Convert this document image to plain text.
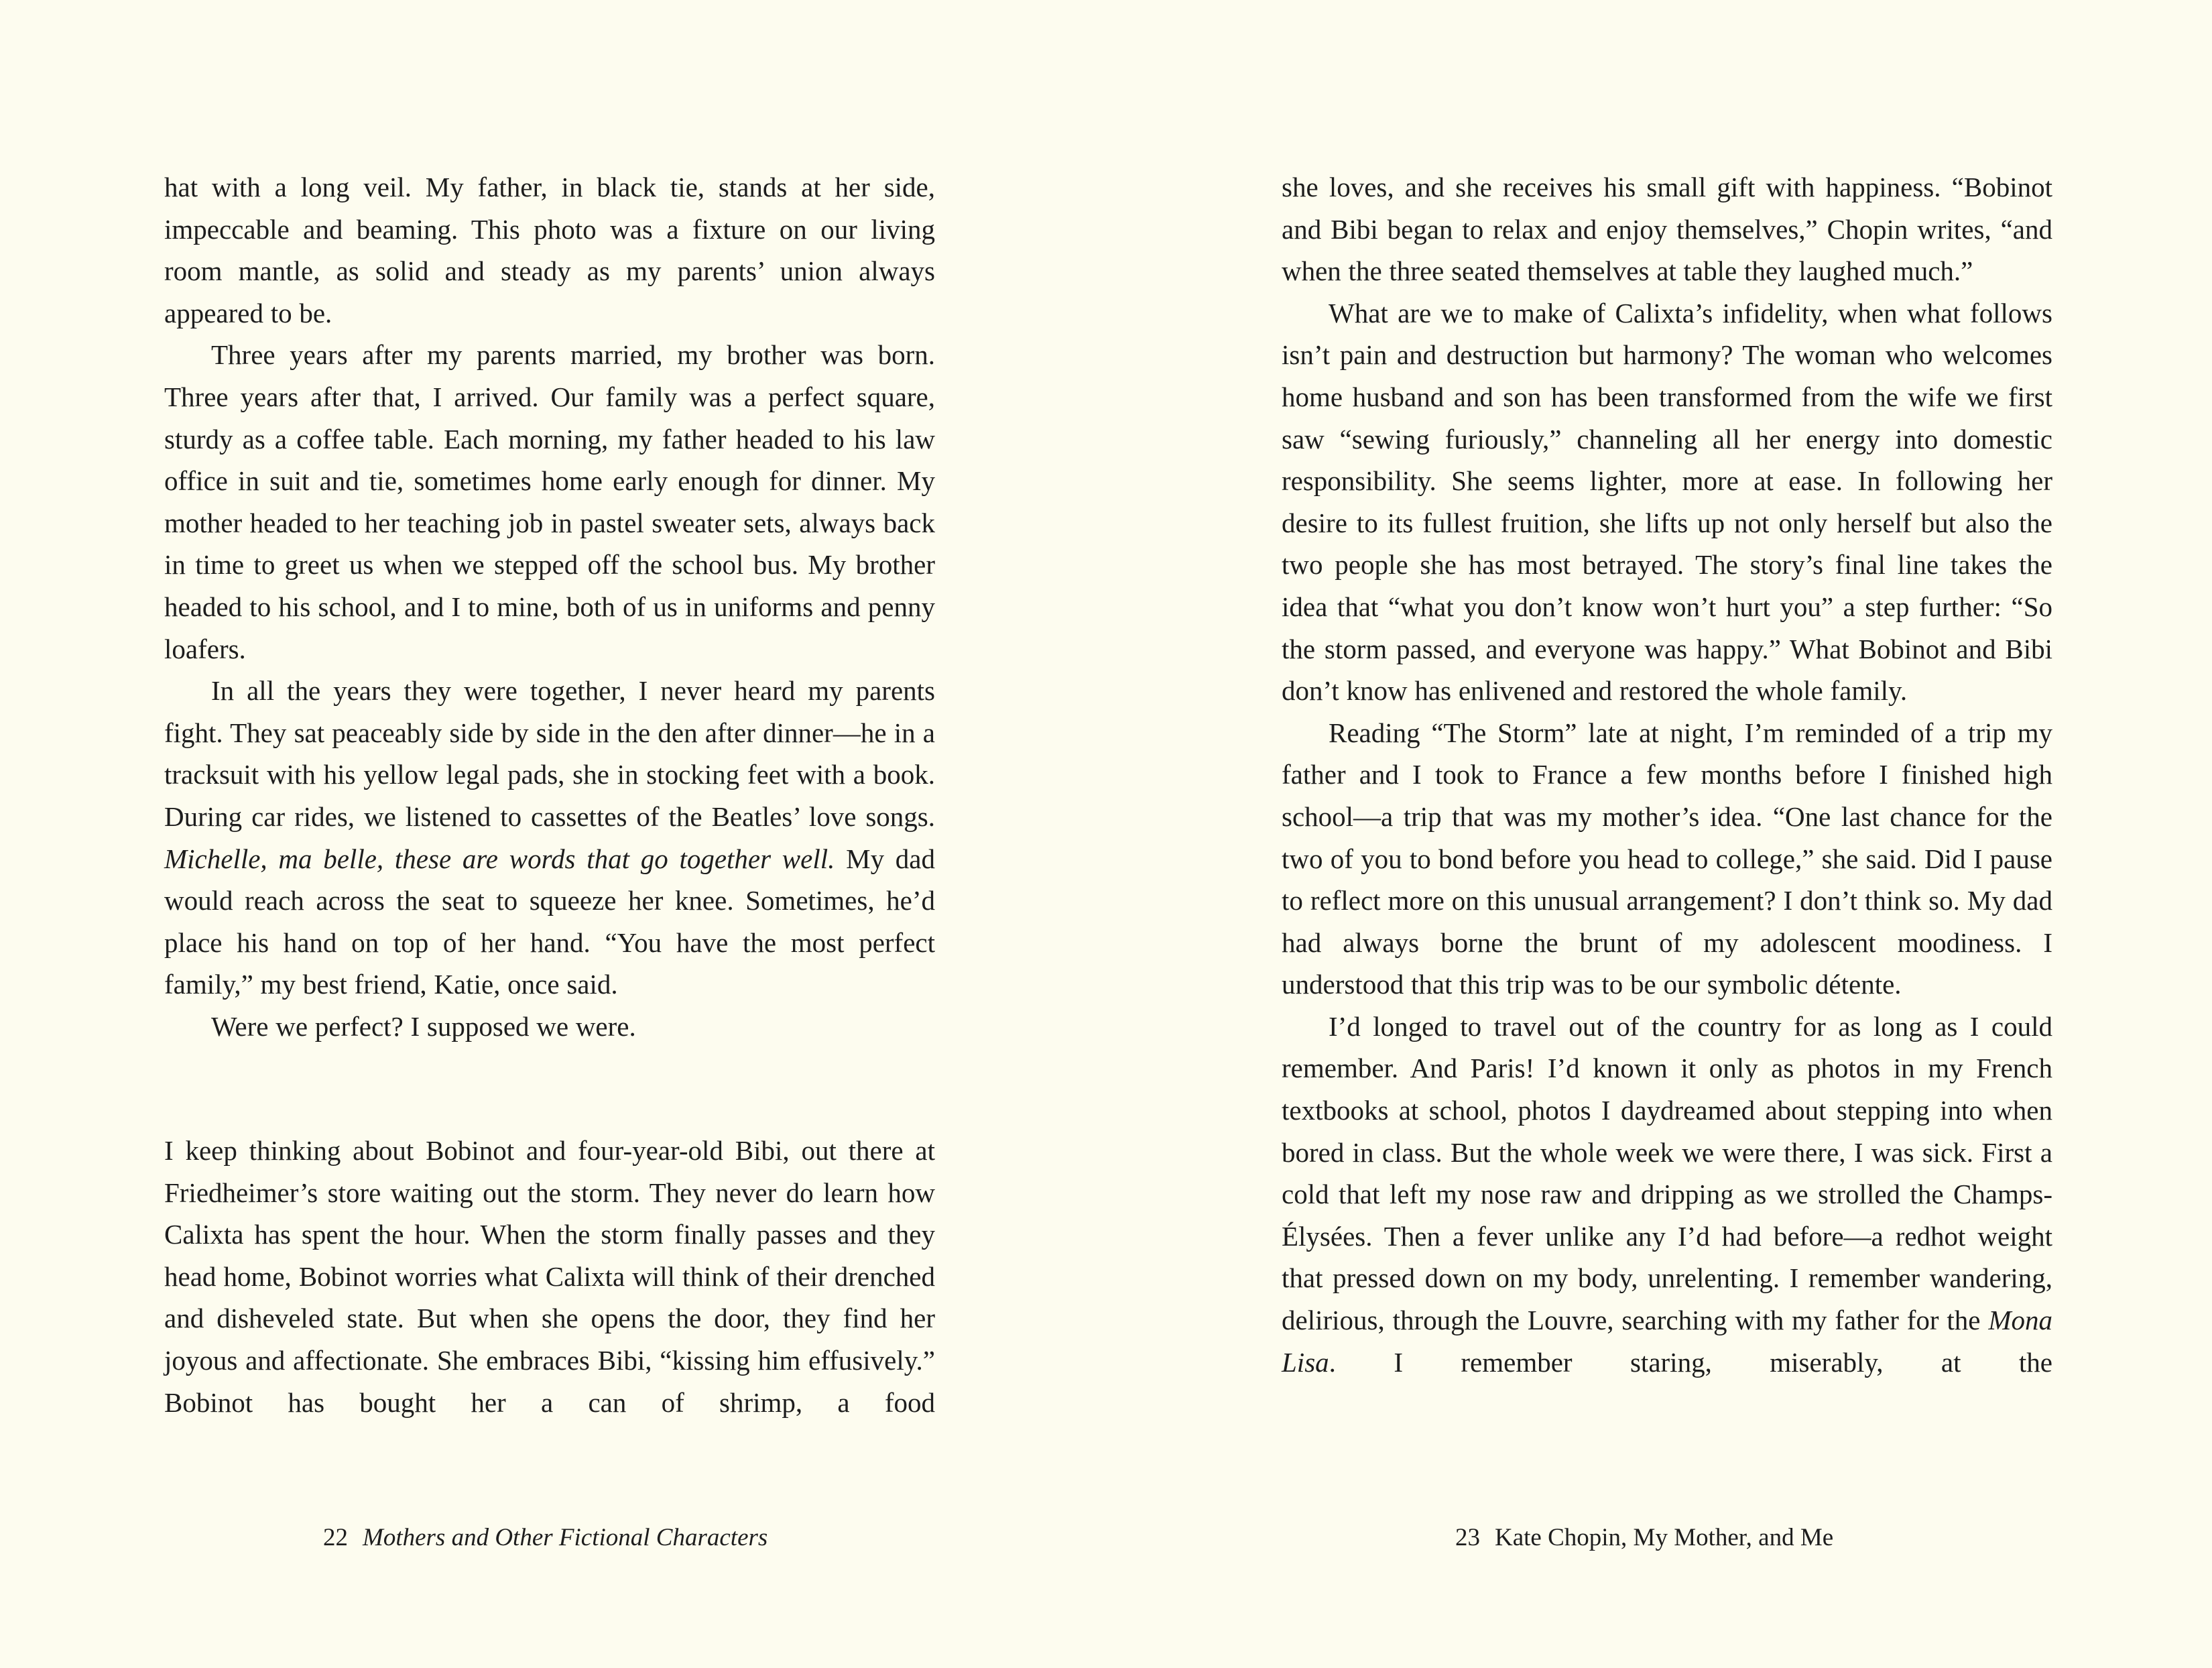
hat with a long veil. My father, in black tie, stands at her side, impeccable and beaming. This photo was a fixture on our living room mantle, as solid and steady as my parents’ union always appeared to be.

Three years after my parents married, my brother was born. Three years after that, I arrived. Our family was a perfect square, sturdy as a coffee table. Each morning, my father headed to his law office in suit and tie, sometimes home early enough for dinner. My mother headed to her teaching job in pastel sweater sets, always back in time to greet us when we stepped off the school bus. My brother headed to his school, and I to mine, both of us in uniforms and penny loafers.

In all the years they were together, I never heard my parents fight. They sat peaceably side by side in the den after dinner—he in a tracksuit with his yellow legal pads, she in stocking feet with a book. During car rides, we listened to cassettes of the Beatles’ love songs. Michelle, ma belle, these are words that go together well. My dad would reach across the seat to squeeze her knee. Sometimes, he’d place his hand on top of her hand. “You have the most perfect family,” my best friend, Katie, once said.

Were we perfect? I supposed we were.

I keep thinking about Bobinot and four-year-old Bibi, out there at Friedheimer’s store waiting out the storm. They never do learn how Calixta has spent the hour. When the storm finally passes and they head home, Bobinot worries what Calixta will think of their drenched and disheveled state. But when she opens the door, they find her joyous and affectionate. She embraces Bibi, “kissing him effusively.” Bobinot has bought her a can of shrimp, a food

22 Mothers and Other Fictional Characters

she loves, and she receives his small gift with happiness. “Bobinot and Bibi began to relax and enjoy themselves,” Chopin writes, “and when the three seated themselves at table they laughed much.”

What are we to make of Calixta’s infidelity, when what follows isn’t pain and destruction but harmony? The woman who welcomes home husband and son has been transformed from the wife we first saw “sewing furiously,” channeling all her energy into domestic responsibility. She seems lighter, more at ease. In following her desire to its fullest fruition, she lifts up not only herself but also the two people she has most betrayed. The story’s final line takes the idea that “what you don’t know won’t hurt you” a step further: “So the storm passed, and everyone was happy.” What Bobinot and Bibi don’t know has enlivened and restored the whole family.

Reading “The Storm” late at night, I’m reminded of a trip my father and I took to France a few months before I finished high school—a trip that was my mother’s idea. “One last chance for the two of you to bond before you head to college,” she said. Did I pause to reflect more on this unusual arrangement? I don’t think so. My dad had always borne the brunt of my adolescent moodiness. I understood that this trip was to be our symbolic détente.

I’d longed to travel out of the country for as long as I could remember. And Paris! I’d known it only as photos in my French textbooks at school, photos I daydreamed about stepping into when bored in class. But the whole week we were there, I was sick. First a cold that left my nose raw and dripping as we strolled the Champs-Élysées. Then a fever unlike any I’d had before—a redhot weight that pressed down on my body, unrelenting. I remember wandering, delirious, through the Louvre, searching with my father for the Mona Lisa. I remember staring, miserably, at the

23 Kate Chopin, My Mother, and Me
